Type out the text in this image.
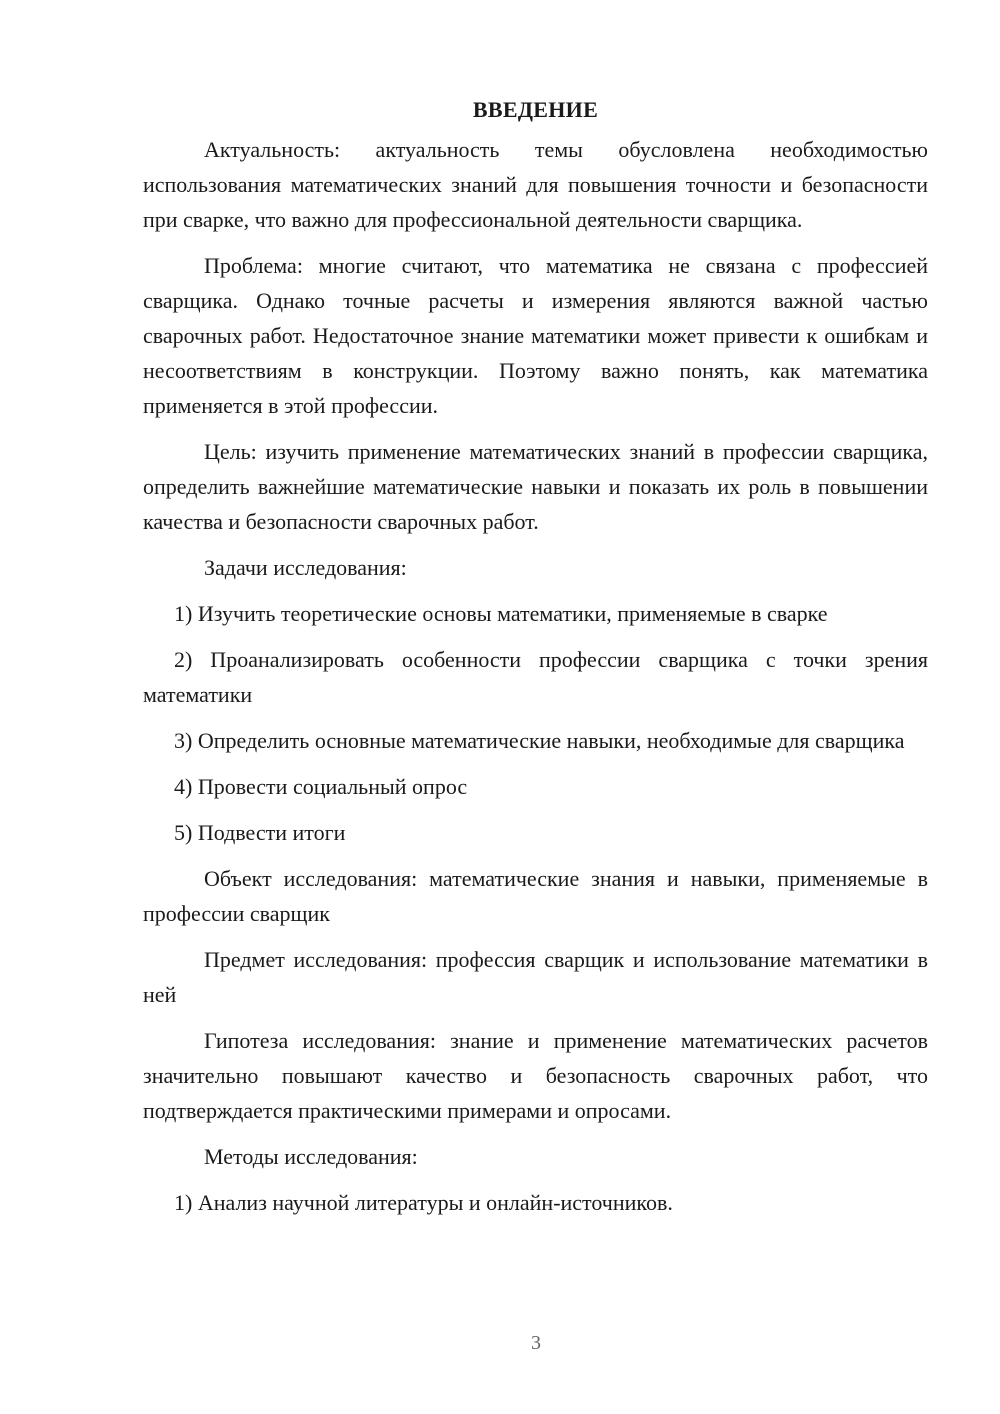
ВВЕДЕНИЕ

Актуальность: актуальность темы обусловлена необходимостью использования математических знаний для повышения точности и безопасности при сварке, что важно для профессиональной деятельности сварщика.

Проблема: многие считают, что математика не связана с профессией сварщика. Однако точные расчеты и измерения являются важной частью сварочных работ. Недостаточное знание математики может привести к ошибкам и несоответствиям в конструкции. Поэтому важно понять, как математика применяется в этой профессии.

Цель: изучить применение математических знаний в профессии сварщика, определить важнейшие математические навыки и показать их роль в повышении качества и безопасности сварочных работ.

Задачи исследования:

1) Изучить теоретические основы математики, применяемые в сварке

2) Проанализировать особенности профессии сварщика с точки зрения математики

3) Определить основные математические навыки, необходимые для сварщика

4) Провести социальный опрос

5) Подвести итоги

Объект исследования: математические знания и навыки, применяемые в профессии сварщик

Предмет исследования: профессия сварщик и использование математики в ней

Гипотеза исследования: знание и применение математических расчетов значительно повышают качество и безопасность сварочных работ, что подтверждается практическими примерами и опросами.

Методы исследования:

1) Анализ научной литературы и онлайн-источников.

3
